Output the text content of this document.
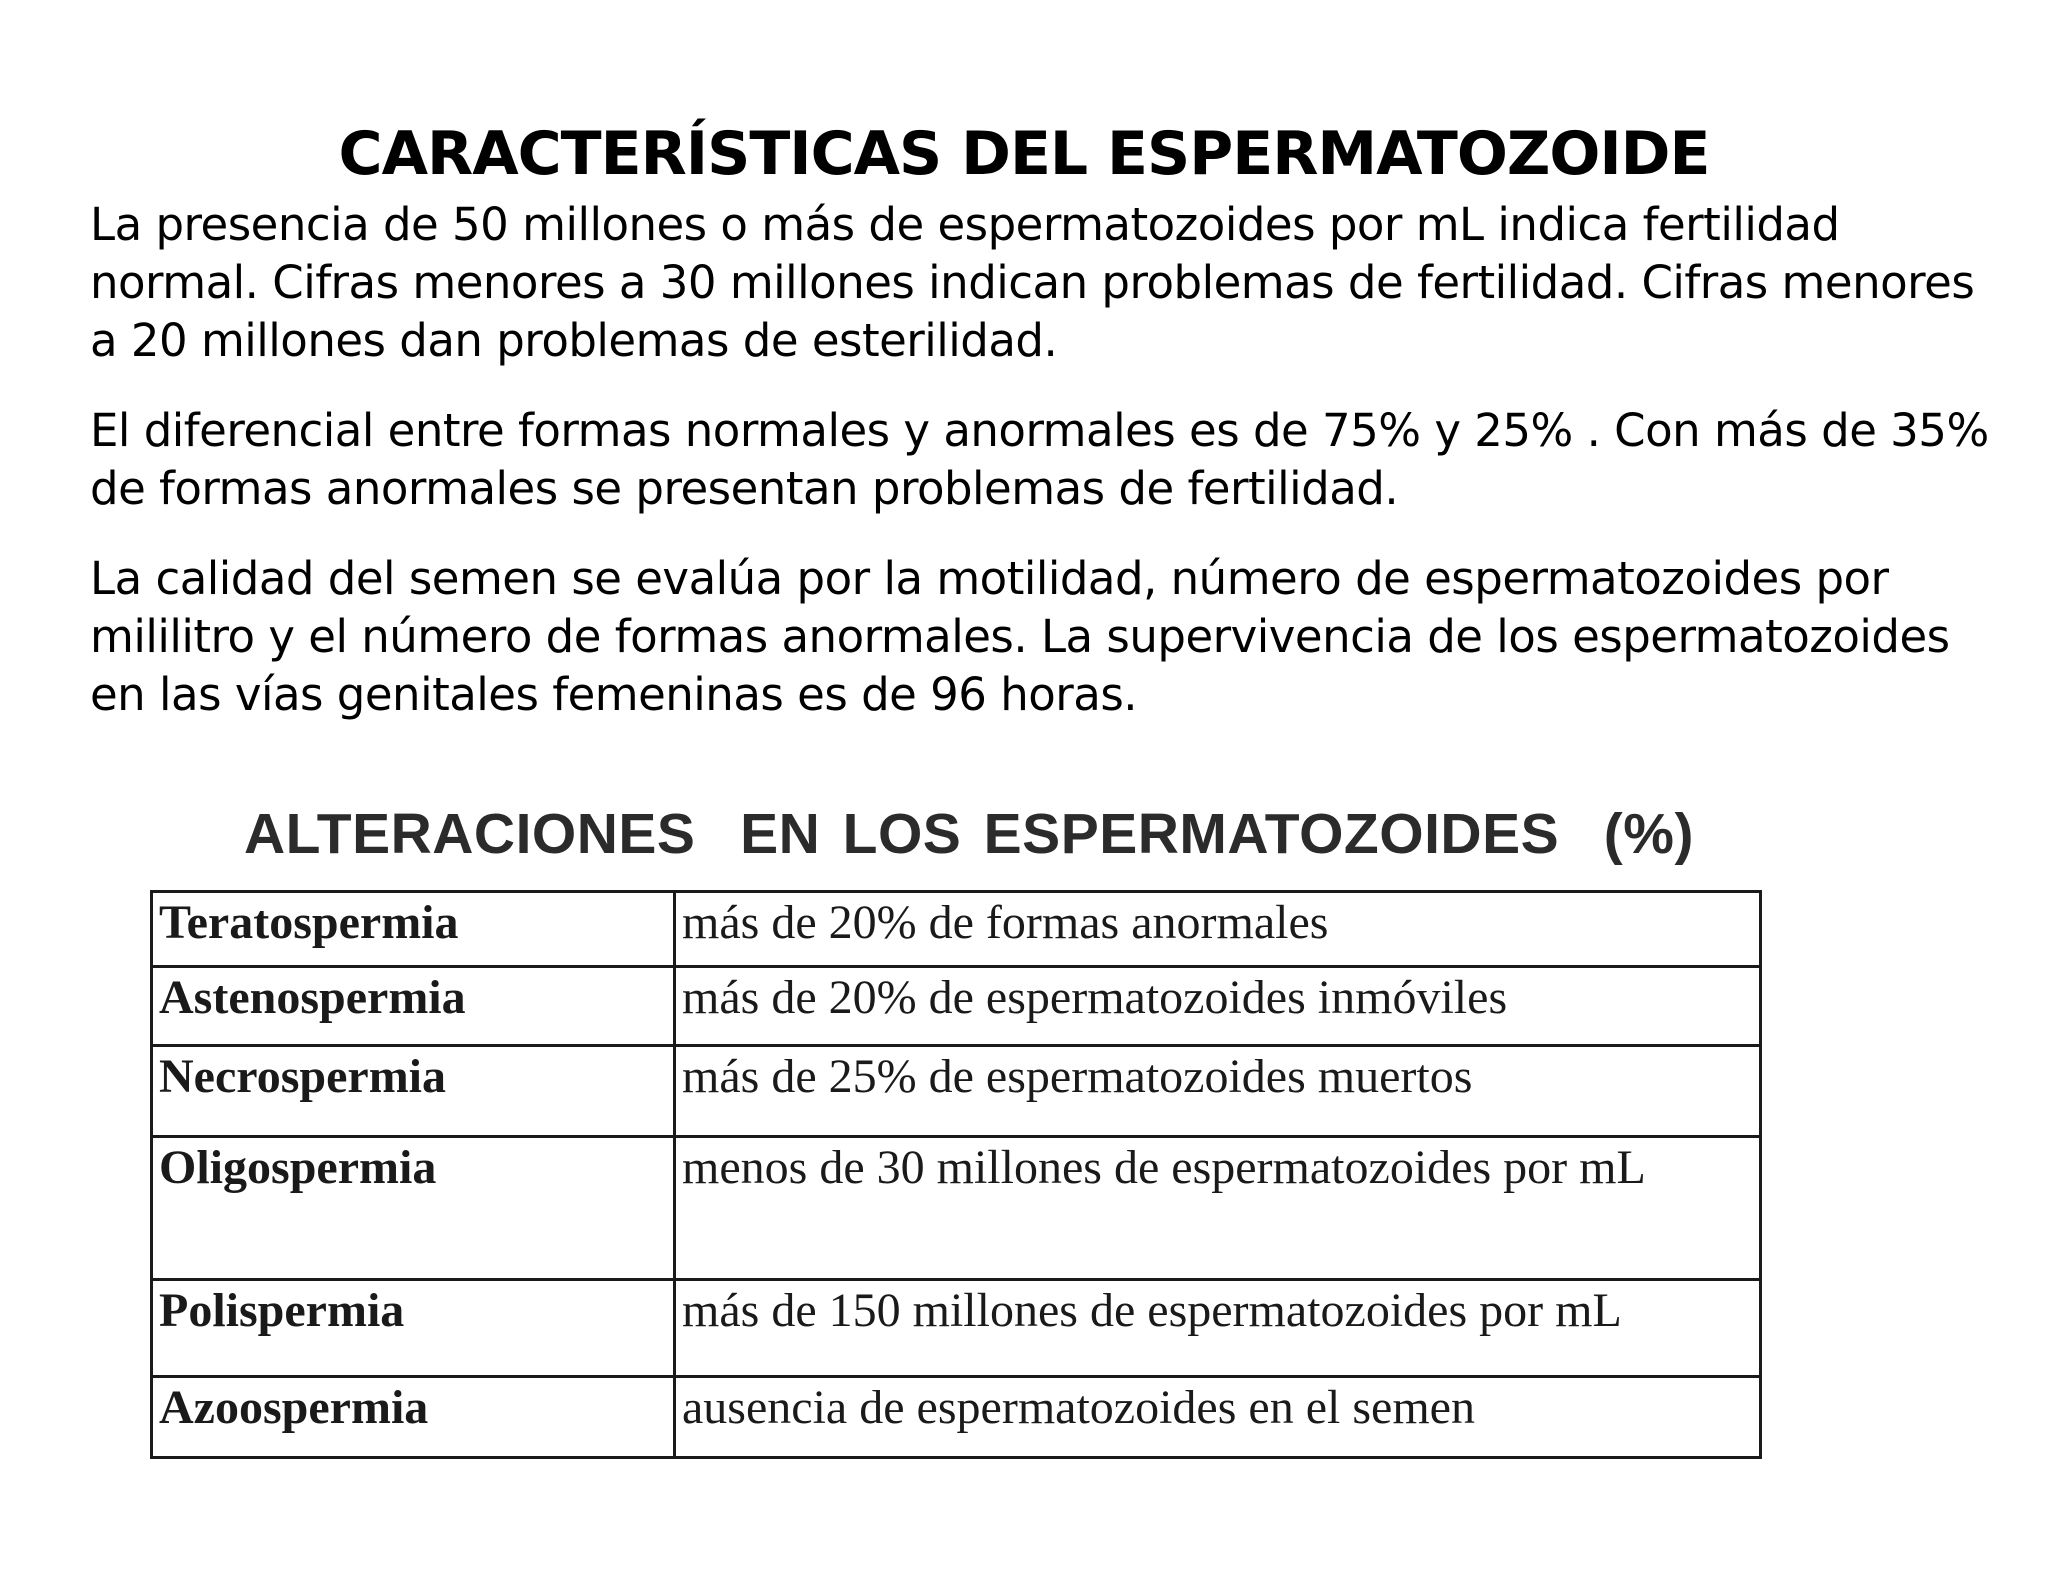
CARACTERÍSTICAS DEL ESPERMATOZOIDE

La presencia de 50 millones o más de espermatozoides por mL indica fertilidad normal. Cifras menores a 30 millones indican problemas de fertilidad. Cifras menores a 20 millones dan problemas de esterilidad.

El diferencial entre formas normales y anormales es de 75% y 25% . Con más de 35% de formas anormales se presentan problemas de fertilidad.

La calidad del semen se evalúa por la motilidad, número de espermatozoides por mililitro y el número de formas anormales. La supervivencia de los espermatozoides en las vías genitales femeninas es de 96 horas.

ALTERACIONES  EN LOS ESPERMATOZOIDES  (%)
Teratospermia	más de 20% de formas anormales
Astenospermia	más de 20% de espermatozoides inmóviles
Necrospermia	más de 25% de espermatozoides muertos
Oligospermia	menos de 30 millones de espermatozoides por mL
Polispermia	más de 150 millones de espermatozoides por mL
Azoospermia	ausencia de espermatozoides en el semen
